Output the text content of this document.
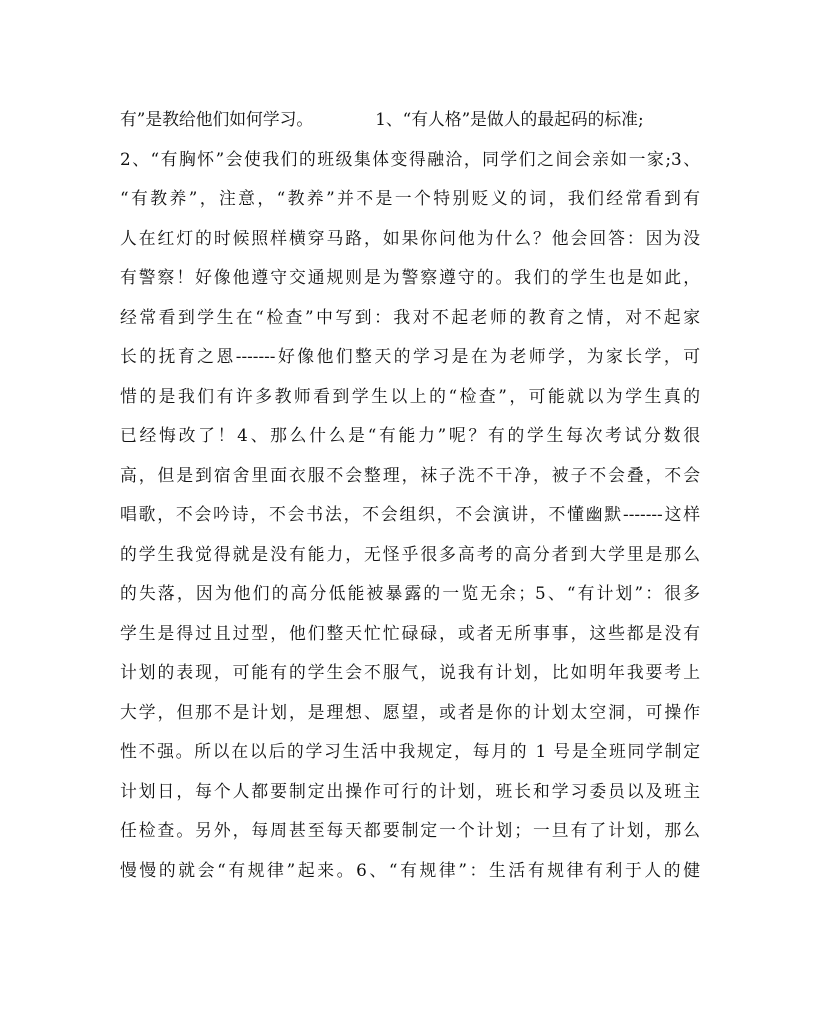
有”是教给他们如何学习。	1、“有人格”是做人的最起码的标准;
2、“有胸怀”会使我们的班级集体变得融洽，同学们之间会亲如一家;3、
“有教养”，注意，“教养”并不是一个特别贬义的词，我们经常看到有
人在红灯的时候照样横穿马路，如果你问他为什么？他会回答：因为没
有警察！好像他遵守交通规则是为警察遵守的。我们的学生也是如此，
经常看到学生在“检查”中写到：我对不起老师的教育之情，对不起家
长的抚育之恩-------好像他们整天的学习是在为老师学，为家长学，可
惜的是我们有许多教师看到学生以上的“检查”，可能就以为学生真的
已经悔改了！4、那么什么是“有能力”呢？有的学生每次考试分数很
高，但是到宿舍里面衣服不会整理，袜子洗不干净，被子不会叠，不会
唱歌，不会吟诗，不会书法，不会组织，不会演讲，不懂幽默-------这样
的学生我觉得就是没有能力，无怪乎很多高考的高分者到大学里是那么
的失落，因为他们的高分低能被暴露的一览无余；5、“有计划”：很多
学生是得过且过型，他们整天忙忙碌碌，或者无所事事，这些都是没有
计划的表现，可能有的学生会不服气，说我有计划，比如明年我要考上
大学，但那不是计划，是理想、愿望，或者是你的计划太空洞，可操作
性不强。所以在以后的学习生活中我规定，每月的 1 号是全班同学制定
计划日，每个人都要制定出操作可行的计划，班长和学习委员以及班主
任检查。另外，每周甚至每天都要制定一个计划；一旦有了计划，那么
慢慢的就会“有规律”起来。6、“有规律”：生活有规律有利于人的健
